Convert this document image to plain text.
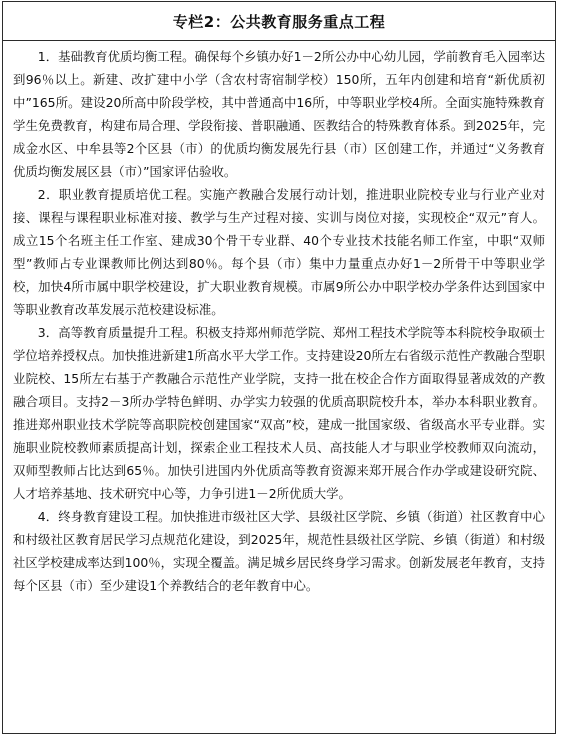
专栏2：公共教育服务重点工程

1．基础教育优质均衡工程。确保每个乡镇办好1－2所公办中心幼儿园，学前教育毛入园率达到96％以上。新建、改扩建中小学（含农村寄宿制学校）150所，五年内创建和培育“新优质初中”165所。建设20所高中阶段学校，其中普通高中16所，中等职业学校4所。全面实施特殊教育学生免费教育，构建布局合理、学段衔接、普职融通、医教结合的特殊教育体系。到2025年，完成金水区、中牟县等2个区县（市）的优质均衡发展先行县（市）区创建工作，并通过“义务教育优质均衡发展区县（市）”国家评估验收。

2．职业教育提质培优工程。实施产教融合发展行动计划，推进职业院校专业与行业产业对接、课程与课程职业标准对接、教学与生产过程对接、实训与岗位对接，实现校企“双元”育人。成立15个名班主任工作室、建成30个骨干专业群、40个专业技术技能名师工作室，中职“双师型”教师占专业课教师比例达到80％。每个县（市）集中力量重点办好1－2所骨干中等职业学校，加快4所市属中职学校建设，扩大职业教育规模。市属9所公办中职学校办学条件达到国家中等职业教育改革发展示范校建设标准。

3．高等教育质量提升工程。积极支持郑州师范学院、郑州工程技术学院等本科院校争取硕士学位培养授权点。加快推进新建1所高水平大学工作。支持建设20所左右省级示范性产教融合型职业院校、15所左右基于产教融合示范性产业学院，支持一批在校企合作方面取得显著成效的产教融合项目。支持2－3所办学特色鲜明、办学实力较强的优质高职院校升本，举办本科职业教育。推进郑州职业技术学院等高职院校创建国家“双高”校，建成一批国家级、省级高水平专业群。实施职业院校教师素质提高计划，探索企业工程技术人员、高技能人才与职业学校教师双向流动，双师型教师占比达到65％。加快引进国内外优质高等教育资源来郑开展合作办学或建设研究院、人才培养基地、技术研究中心等，力争引进1－2所优质大学。

4．终身教育建设工程。加快推进市级社区大学、县级社区学院、乡镇（街道）社区教育中心和村级社区教育居民学习点规范化建设，到2025年，规范性县级社区学院、乡镇（街道）和村级社区学校建成率达到100％，实现全覆盖。满足城乡居民终身学习需求。创新发展老年教育，支持每个区县（市）至少建设1个养教结合的老年教育中心。
